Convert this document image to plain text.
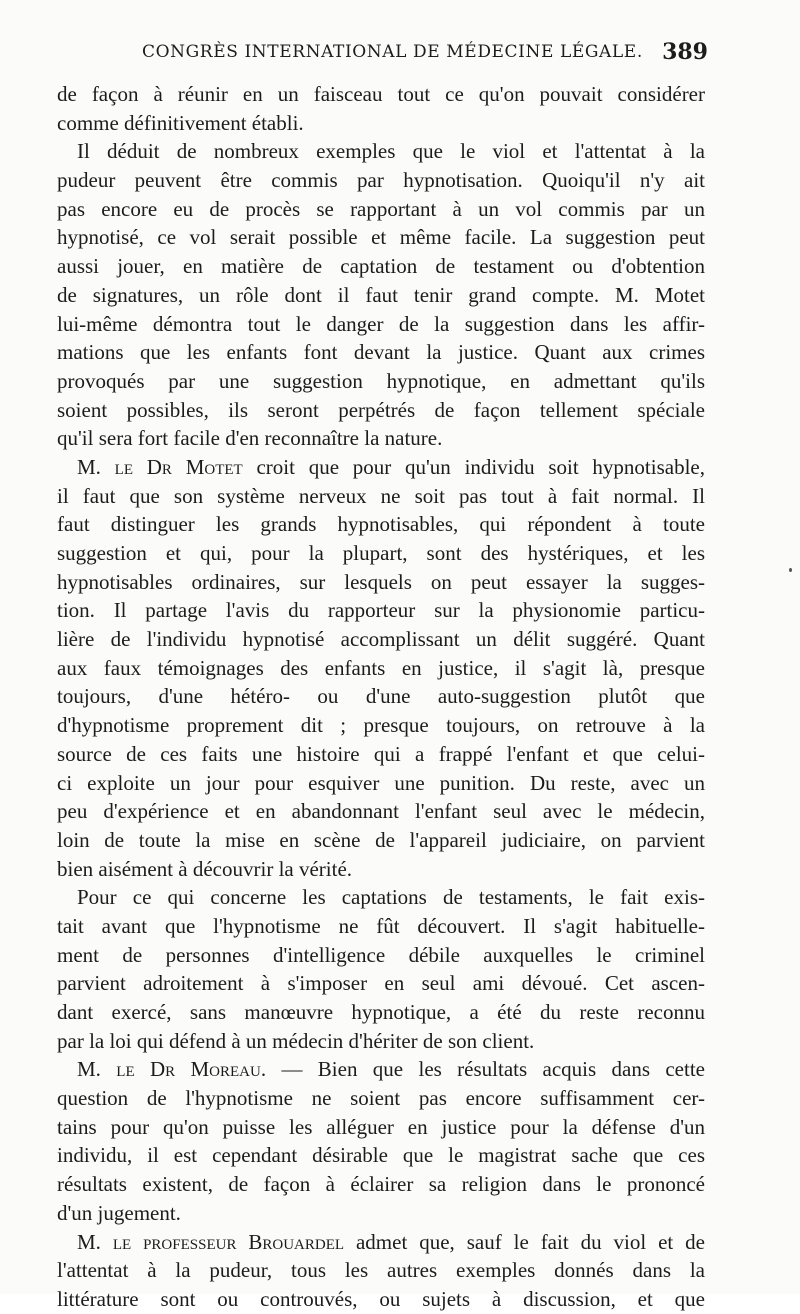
CONGRÈS INTERNATIONAL DE MÉDECINE LÉGALE. 389
de façon à réunir en un faisceau tout ce qu'on pouvait considérer
comme définitivement établi.
Il déduit de nombreux exemples que le viol et l'attentat à la
pudeur peuvent être commis par hypnotisation. Quoiqu'il n'y ait
pas encore eu de procès se rapportant à un vol commis par un
hypnotisé, ce vol serait possible et même facile. La suggestion peut
aussi jouer, en matière de captation de testament ou d'obtention
de signatures, un rôle dont il faut tenir grand compte. M. Motet
lui-même démontra tout le danger de la suggestion dans les affir-
mations que les enfants font devant la justice. Quant aux crimes
provoqués par une suggestion hypnotique, en admettant qu'ils
soient possibles, ils seront perpétrés de façon tellement spéciale
qu'il sera fort facile d'en reconnaître la nature.
M. le Dr Motet croit que pour qu'un individu soit hypnotisable,
il faut que son système nerveux ne soit pas tout à fait normal. Il
faut distinguer les grands hypnotisables, qui répondent à toute
suggestion et qui, pour la plupart, sont des hystériques, et les
hypnotisables ordinaires, sur lesquels on peut essayer la sugges-
tion. Il partage l'avis du rapporteur sur la physionomie particu-
lière de l'individu hypnotisé accomplissant un délit suggéré. Quant
aux faux témoignages des enfants en justice, il s'agit là, presque
toujours, d'une hétéro- ou d'une auto-suggestion plutôt que
d'hypnotisme proprement dit ; presque toujours, on retrouve à la
source de ces faits une histoire qui a frappé l'enfant et que celui-
ci exploite un jour pour esquiver une punition. Du reste, avec un
peu d'expérience et en abandonnant l'enfant seul avec le médecin,
loin de toute la mise en scène de l'appareil judiciaire, on parvient
bien aisément à découvrir la vérité.
Pour ce qui concerne les captations de testaments, le fait exis-
tait avant que l'hypnotisme ne fût découvert. Il s'agit habituelle-
ment de personnes d'intelligence débile auxquelles le criminel
parvient adroitement à s'imposer en seul ami dévoué. Cet ascen-
dant exercé, sans manœuvre hypnotique, a été du reste reconnu
par la loi qui défend à un médecin d'hériter de son client.
M. le Dr Moreau. — Bien que les résultats acquis dans cette
question de l'hypnotisme ne soient pas encore suffisamment cer-
tains pour qu'on puisse les alléguer en justice pour la défense d'un
individu, il est cependant désirable que le magistrat sache que ces
résultats existent, de façon à éclairer sa religion dans le prononcé
d'un jugement.
M. le professeur Brouardel admet que, sauf le fait du viol et de
l'attentat à la pudeur, tous les autres exemples donnés dans la
littérature sont ou controuvés, ou sujets à discussion, et que
